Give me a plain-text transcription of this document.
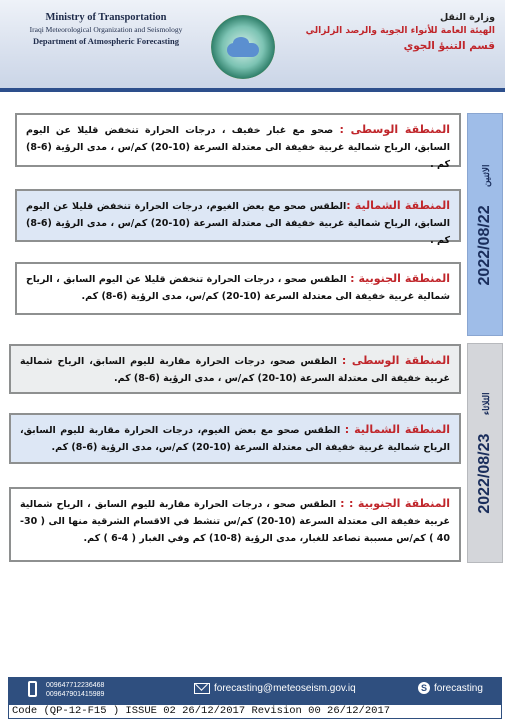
Ministry of Transportation
Iraqi Meteorological Organization and Seismology
Department of Atmospheric Forecasting
وزارة النقل
الهيئة العامة للأنواء الجوية والرصد الزلزالي
قسم التنبؤ الجوي
2022/08/22 الاثنين
المنطقة الوسطى : صحو مع غبار خفيف ، درجات الحرارة تنخفض قليلا عن اليوم السابق، الرياح شمالية غربية خفيفة الى معتدلة السرعة (10-20) كم/س ، مدى الرؤية (6-8) كم .
المنطقة الشمالية :الطقس صحو مع بعض الغيوم، درجات الحرارة تنخفض قليلا عن اليوم السابق، الرياح شمالية غربية خفيفة الى معتدلة السرعة (10-20) كم/س ، مدى الرؤية (6-8) كم .
المنطقة الجنوبية : الطقس صحو ، درجات الحرارة تنخفض قليلا عن اليوم السابق ، الرياح شمالية غربية خفيفة الى معتدلة السرعة (10-20) كم/س، مدى الرؤية (6-8) كم.
2022/08/23 الثلاثاء
المنطقة الوسطى : الطقس صحو، درجات الحرارة مقاربة لليوم السابق، الرياح شمالية غربية خفيفة الى معتدلة السرعة (10-20) كم/س ، مدى الرؤية (6-8) كم.
المنطقة الشمالية : الطقس صحو مع بعض الغيوم، درجات الحرارة مقاربة لليوم السابق، الرياح شمالية غربية خفيفة الى معتدلة السرعة (10-20) كم/س، مدى الرؤية (6-8) كم.
المنطقة الجنوبية : : الطقس صحو ، درجات الحرارة مقاربة لليوم السابق ، الرياح شمالية غربية خفيفة الى معتدلة السرعة (10-20) كم/س تنشط في الاقسام الشرقية منها الى ( 30-40 ) كم/س مسببة تصاعد للغبار، مدى الرؤية (8-10) كم وفي الغبار ( 4-6 ) كم.
009647712236468
009647901415989
forecasting@meteoseism.gov.iq	S forecasting
Code (QP-12-F15 ) ISSUE 02 26/12/2017 Revision 00 26/12/2017
